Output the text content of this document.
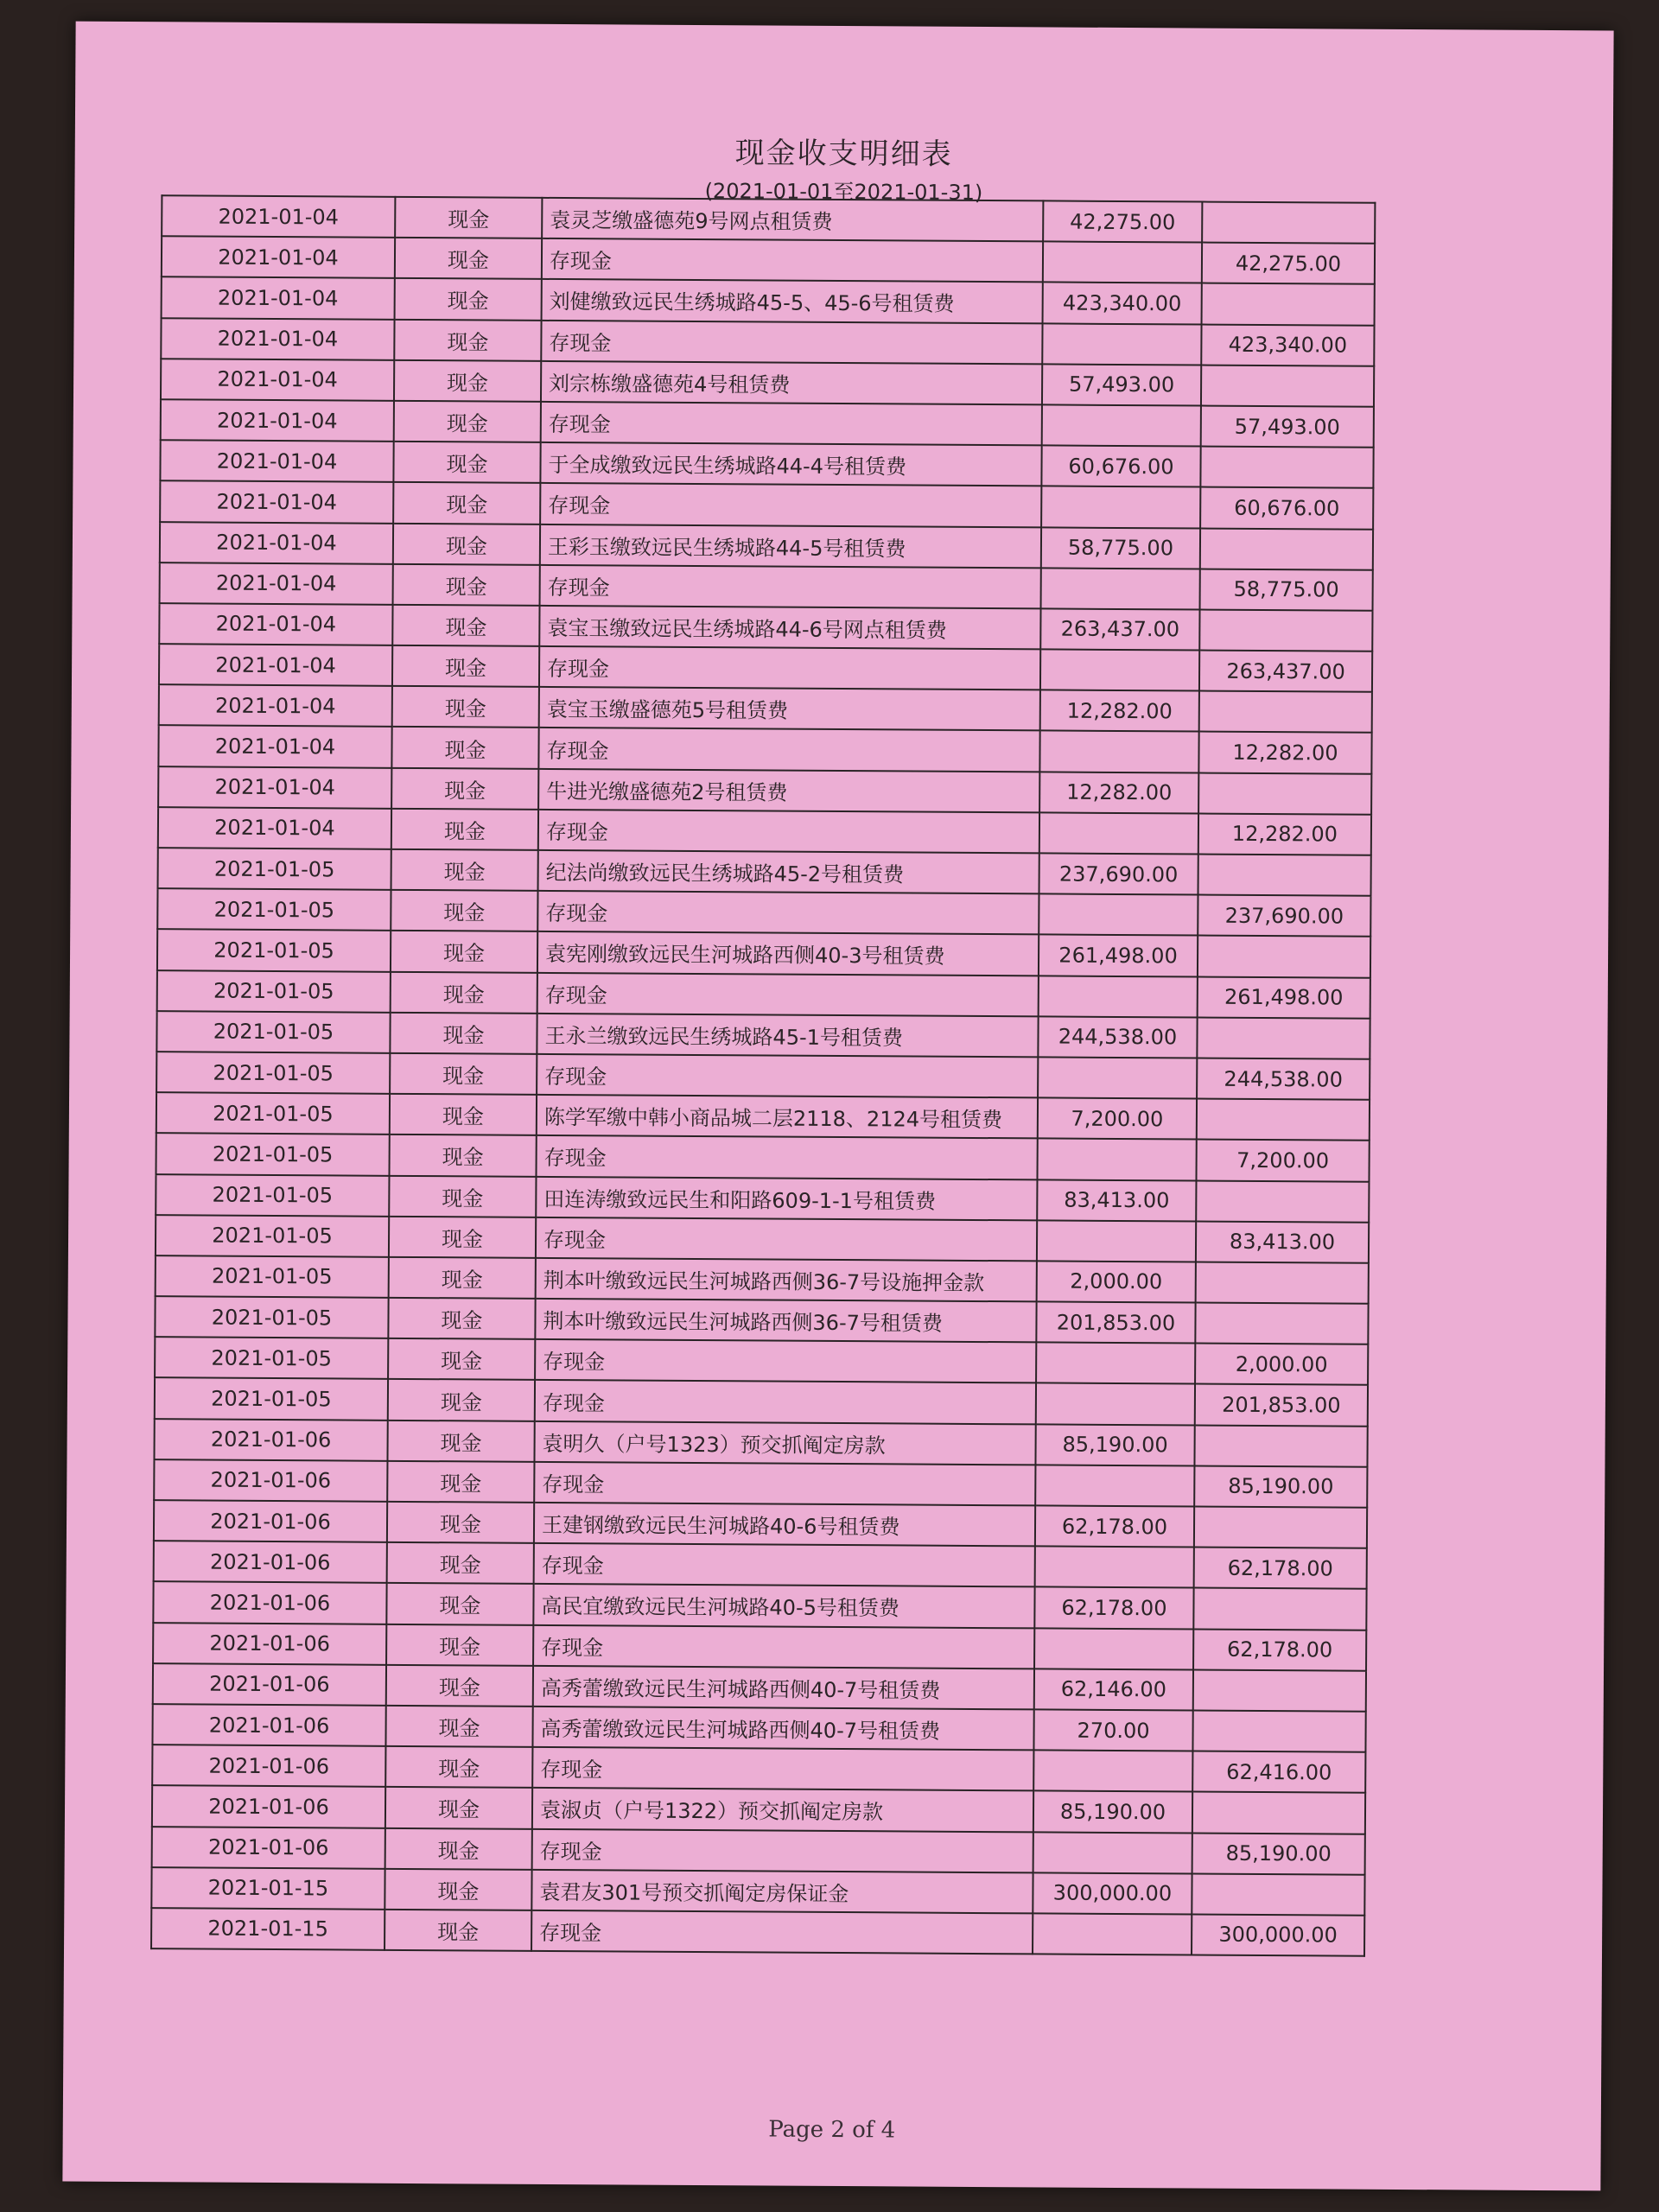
现金收支明细表
(2021-01-01至2021-01-31)
2021-01-04	现金	袁灵芝缴盛德苑9号网点租赁费	42,275.00	
2021-01-04	现金	存现金		42,275.00
2021-01-04	现金	刘健缴致远民生绣城路45-5、45-6号租赁费	423,340.00	
2021-01-04	现金	存现金		423,340.00
2021-01-04	现金	刘宗栋缴盛德苑4号租赁费	57,493.00	
2021-01-04	现金	存现金		57,493.00
2021-01-04	现金	于全成缴致远民生绣城路44-4号租赁费	60,676.00	
2021-01-04	现金	存现金		60,676.00
2021-01-04	现金	王彩玉缴致远民生绣城路44-5号租赁费	58,775.00	
2021-01-04	现金	存现金		58,775.00
2021-01-04	现金	袁宝玉缴致远民生绣城路44-6号网点租赁费	263,437.00	
2021-01-04	现金	存现金		263,437.00
2021-01-04	现金	袁宝玉缴盛德苑5号租赁费	12,282.00	
2021-01-04	现金	存现金		12,282.00
2021-01-04	现金	牛进光缴盛德苑2号租赁费	12,282.00	
2021-01-04	现金	存现金		12,282.00
2021-01-05	现金	纪法尚缴致远民生绣城路45-2号租赁费	237,690.00	
2021-01-05	现金	存现金		237,690.00
2021-01-05	现金	袁宪刚缴致远民生河城路西侧40-3号租赁费	261,498.00	
2021-01-05	现金	存现金		261,498.00
2021-01-05	现金	王永兰缴致远民生绣城路45-1号租赁费	244,538.00	
2021-01-05	现金	存现金		244,538.00
2021-01-05	现金	陈学军缴中韩小商品城二层2118、2124号租赁费	7,200.00	
2021-01-05	现金	存现金		7,200.00
2021-01-05	现金	田连涛缴致远民生和阳路609-1-1号租赁费	83,413.00	
2021-01-05	现金	存现金		83,413.00
2021-01-05	现金	荆本叶缴致远民生河城路西侧36-7号设施押金款	2,000.00	
2021-01-05	现金	荆本叶缴致远民生河城路西侧36-7号租赁费	201,853.00	
2021-01-05	现金	存现金		2,000.00
2021-01-05	现金	存现金		201,853.00
2021-01-06	现金	袁明久（户号1323）预交抓阄定房款	85,190.00	
2021-01-06	现金	存现金		85,190.00
2021-01-06	现金	王建钢缴致远民生河城路40-6号租赁费	62,178.00	
2021-01-06	现金	存现金		62,178.00
2021-01-06	现金	高民宜缴致远民生河城路40-5号租赁费	62,178.00	
2021-01-06	现金	存现金		62,178.00
2021-01-06	现金	高秀蕾缴致远民生河城路西侧40-7号租赁费	62,146.00	
2021-01-06	现金	高秀蕾缴致远民生河城路西侧40-7号租赁费	270.00	
2021-01-06	现金	存现金		62,416.00
2021-01-06	现金	袁淑贞（户号1322）预交抓阄定房款	85,190.00	
2021-01-06	现金	存现金		85,190.00
2021-01-15	现金	袁君友301号预交抓阄定房保证金	300,000.00	
2021-01-15	现金	存现金		300,000.00
Page 2 of 4
